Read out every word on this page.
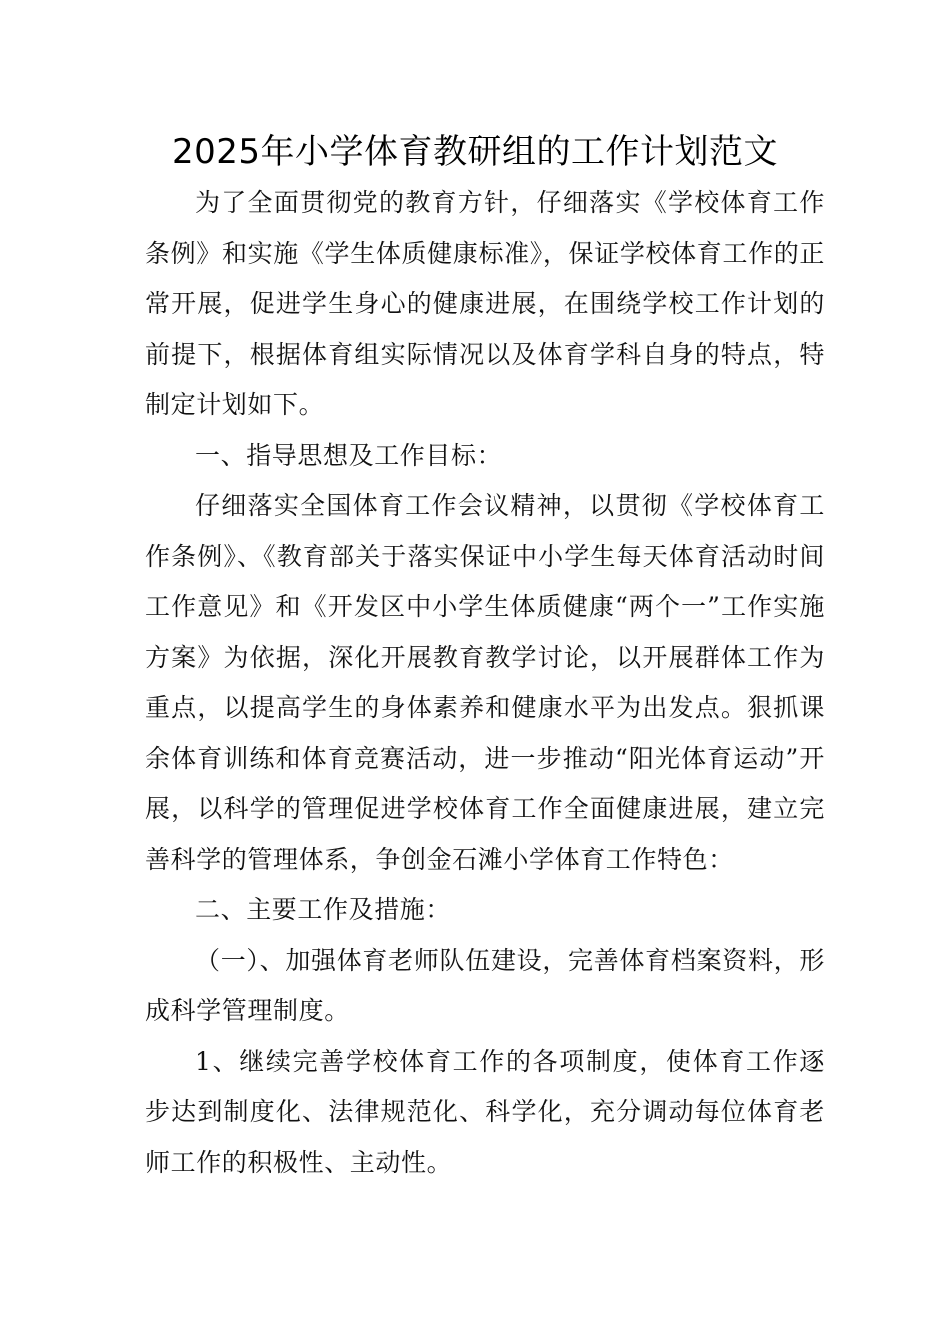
2025年小学体育教研组的工作计划范文

为了全面贯彻党的教育方针，仔细落实《学校体育工作条例》和实施《学生体质健康标准》，保证学校体育工作的正常开展，促进学生身心的健康进展，在围绕学校工作计划的前提下，根据体育组实际情况以及体育学科自身的特点，特制定计划如下。

一、指导思想及工作目标：

仔细落实全国体育工作会议精神，以贯彻《学校体育工作条例》、《教育部关于落实保证中小学生每天体育活动时间工作意见》和《开发区中小学生体质健康“两个一”工作实施方案》为依据，深化开展教育教学讨论，以开展群体工作为重点，以提高学生的身体素养和健康水平为出发点。狠抓课余体育训练和体育竞赛活动，进一步推动“阳光体育运动”开展，以科学的管理促进学校体育工作全面健康进展，建立完善科学的管理体系，争创金石滩小学体育工作特色：

二、主要工作及措施：

（一）、加强体育老师队伍建设，完善体育档案资料，形成科学管理制度。

1、继续完善学校体育工作的各项制度，使体育工作逐步达到制度化、法律规范化、科学化，充分调动每位体育老师工作的积极性、主动性。
